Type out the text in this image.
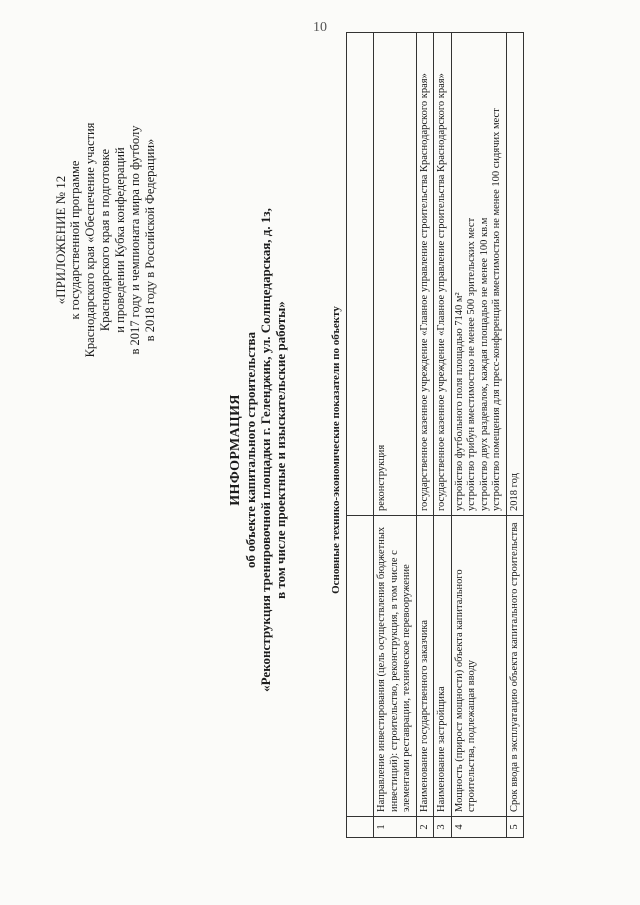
10
«ПРИЛОЖЕНИЕ № 12 к государственной программе Краснодарского края «Обеспечение участия Краснодарского края в подготовке и проведении Кубка конфедераций в 2017 году и чемпионата мира по футболу в 2018 году в Российской Федерации»
ИНФОРМАЦИЯ об объекте капитального строительства «Реконструкция тренировочной площадки г. Геленджик, ул. Солнцедарская, д. 1з, в том числе проектные и изыскательские работы»	Основные технико-экономические показатели по объекту

1	Направление инвестирования (цель осуществления бюджетных инвестиций): строительство, реконструкция, в том числе с элементами реставрации, техническое перевооружение	реконструкция

2	Наименование государственного заказчика	государственное казенное учреждение «Главное управление строительства Краснодарского края»

3	Наименование застройщика	государственное казенное учреждение «Главное управление строительства Краснодарского края»

4	Мощность (прирост мощности) объекта капитального строительства, подлежащая вводу	устройство футбольного поля площадью 7140 м² устройство трибун вместимостью не менее 500 зрительских мест устройство двух раздевалок, каждая площадью не менее 100 кв.м устройство помещения для пресс-конференций вместимостью не менее 100 сидячих мест

5	Срок ввода в эксплуатацию объекта капитального строительства	2018 год
